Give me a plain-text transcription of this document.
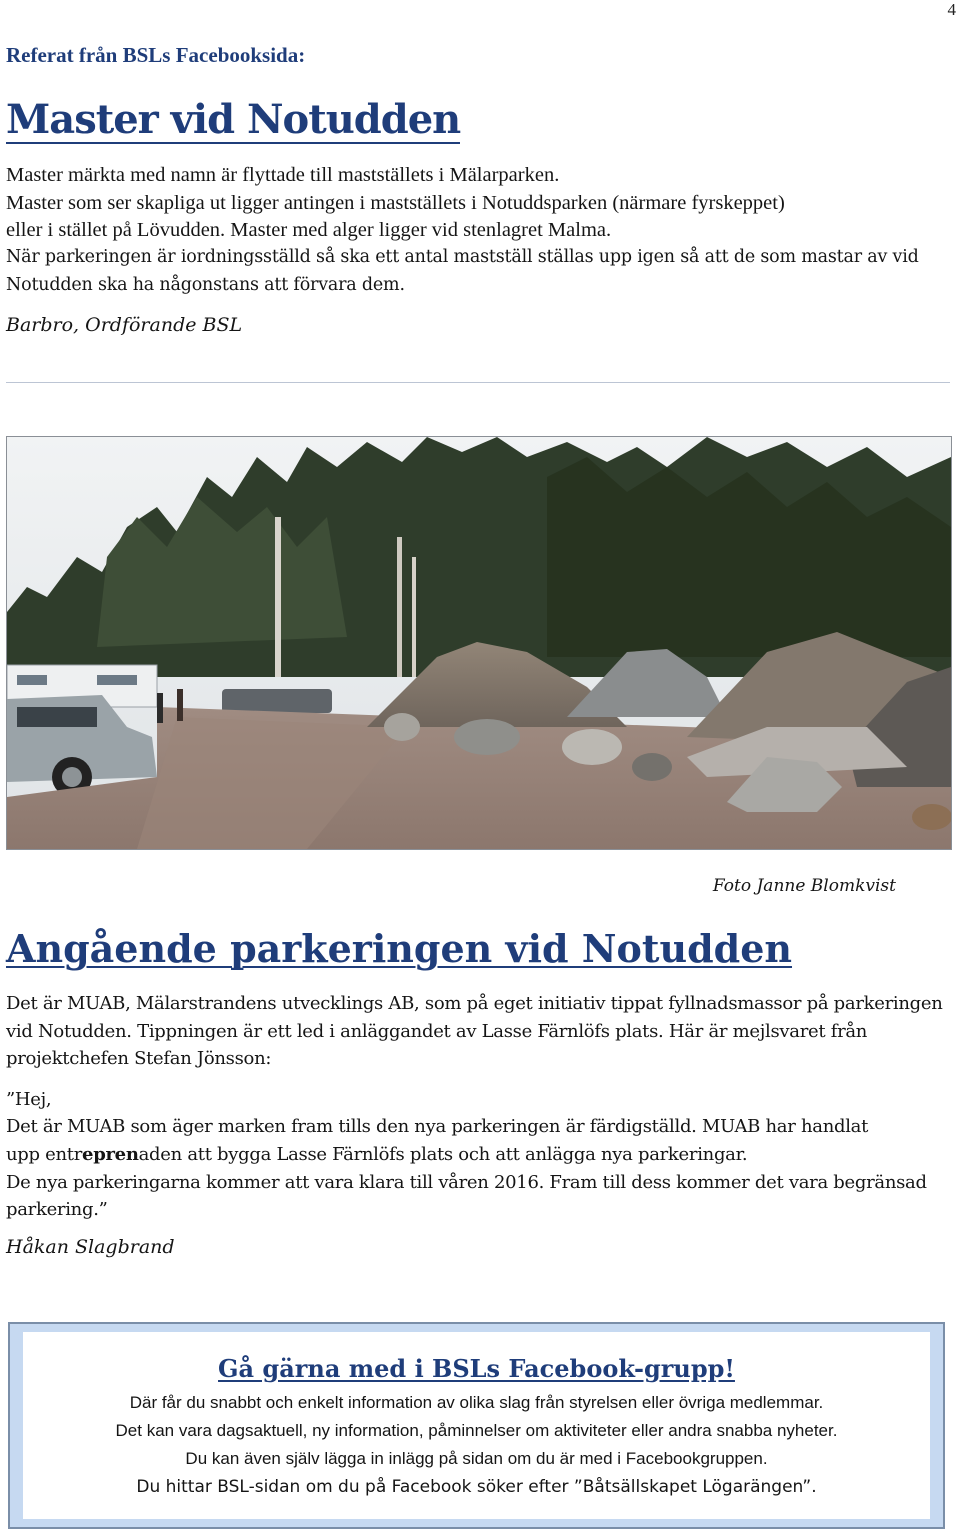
4
Referat från BSLs Facebooksida:
Master vid Notudden
Master märkta med namn är flyttade till mastställets i Mälarparken.
Master som ser skapliga ut ligger antingen i mastställets i Notuddsparken (närmare fyrskeppet)
eller i stället på Lövudden. Master med alger ligger vid stenlagret Malma.
När parkeringen är iordningsställd så ska ett antal mastställ ställas upp igen så att de som mastar av vid Notudden ska ha någonstans att förvara dem.
Barbro, Ordförande BSL
Foto Janne Blomkvist
Angående parkeringen vid Notudden

Det är MUAB, Mälarstrandens utvecklings AB, som på eget initiativ tippat fyllnadsmassor på parkeringen vid Notudden. Tippningen är ett led i anläggandet av Lasse Färnlöfs plats. Här är mejlsvaret från projektchefen Stefan Jönsson:

”Hej,

Det är MUAB som äger marken fram tills den nya parkeringen är färdigställd. MUAB har handlat

upp entreprenaden att bygga Lasse Färnlöfs plats och att anlägga nya parkeringar.

De nya parkeringarna kommer att vara klara till våren 2016. Fram till dess kommer det vara begränsad parkering.”

Håkan Slagbrand
Gå gärna med i BSLs Facebook-grupp!

Där får du snabbt och enkelt information av olika slag från styrelsen eller övriga medlemmar.

Det kan vara dagsaktuell, ny information, påminnelser om aktiviteter eller andra snabba nyheter.

Du kan även själv lägga in inlägg på sidan om du är med i Facebookgruppen.

Du hittar BSL-sidan om du på Facebook söker efter ”Båtsällskapet Lögarängen”.
